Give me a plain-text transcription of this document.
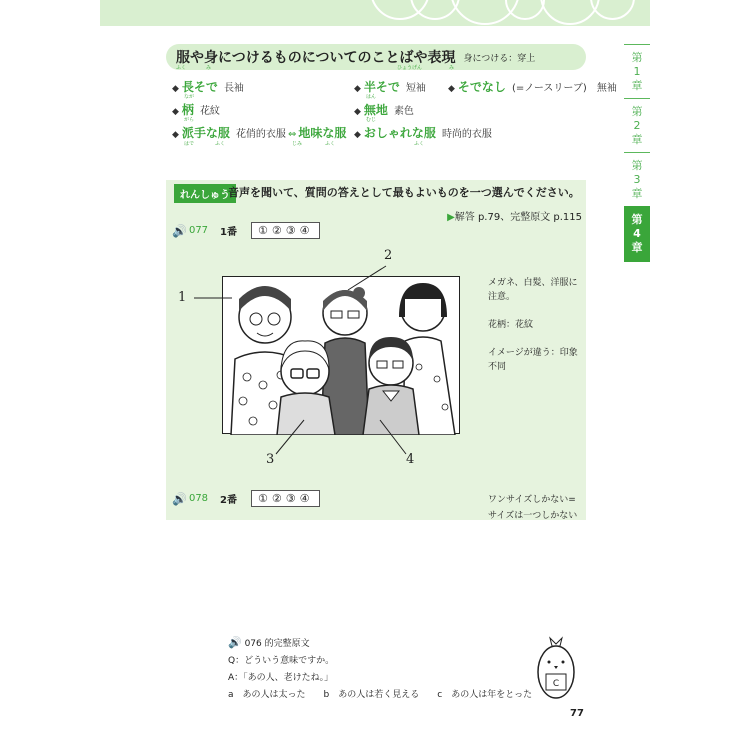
第
1
章
第
2
章
第
3
章
第
4
章
服や身につけるものについてのことばや表現 身につける：穿上
ふく	み	ひょうげん	み
◆ 長そで 長袖
なが
◆ 半そで 短袖
はん
◆ そでなし (=ノースリーブ)　無袖
◆ 柄 花紋
がら
◆ 無地 素色
むじ
◆ 派手な服 花俏的衣服 ⇔ 地味な服
はで	ふく	じみ	ふく
◆ おしゃれな服 時尚的衣服
ふく
れんしゅう
音声を聞いて、質問の答えとして最もよいものを一つ選んでください。
▶解答 p.79、完整原文 p.115
🔊 077 1番	①②③④
1
2
3	4

メガネ、白髪、洋服に注意。

花柄：花紋

イメージが違う：印象不同

🔊 078 2番	①②③④	ワンサイズしかない=
サイズは一つしかない
🔊 076 的完整原文
Q：どういう意味ですか。
A：「あの人、老けたね。」
a　 あの人は太った b　 あの人は若く見える c　 あの人は年をとった
C
77
